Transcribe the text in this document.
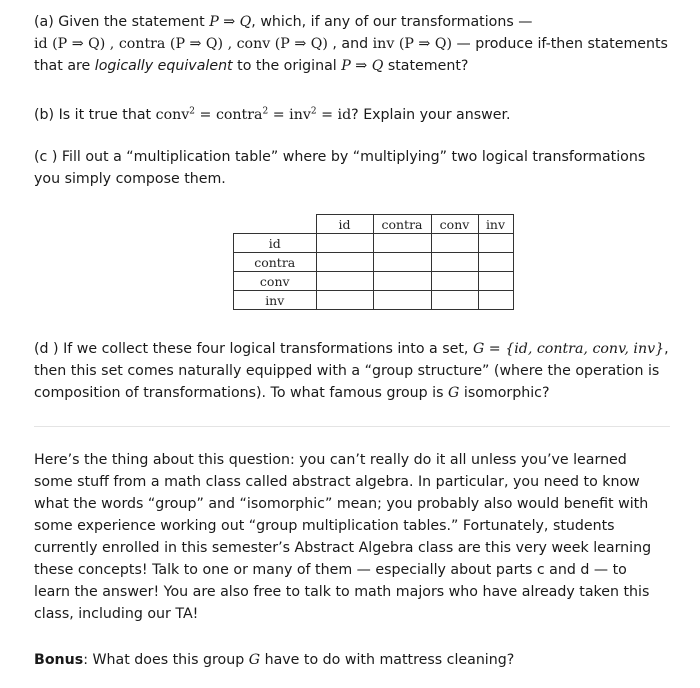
(a) Given the statement P ⇒ Q, which, if any of our transformations —
id (P ⇒ Q) , contra (P ⇒ Q) , conv (P ⇒ Q) , and inv (P ⇒ Q) — produce if-then statements
that are logically equivalent to the original P ⇒ Q statement?

(b) Is it true that conv$^2$ = contra$^2$ = inv$^2$ = id? Explain your answer.

(c ) Fill out a “multiplication table” where by “multiplying” two logical transformations
you simply compose them.

	id	contra	conv	inv
id				
contra				
conv				
inv				

(d ) If we collect these four logical transformations into a set, G = {id, contra, conv, inv},
then this set comes naturally equipped with a “group structure” (where the operation is
composition of transformations). To what famous group is G isomorphic?

Here’s the thing about this question: you can’t really do it all unless you’ve learned some stuff from a math class called abstract algebra. In particular, you need to know what the words “group” and “isomorphic” mean; you probably also would benefit with some experience working out “group multiplication tables.” Fortunately, students currently enrolled in this semester’s Abstract Algebra class are this very week learning these concepts! Talk to one or many of them — especially about parts c and d — to learn the answer! You are also free to talk to math majors who have already taken this class, including our TA!

Bonus: What does this group G have to do with mattress cleaning?
